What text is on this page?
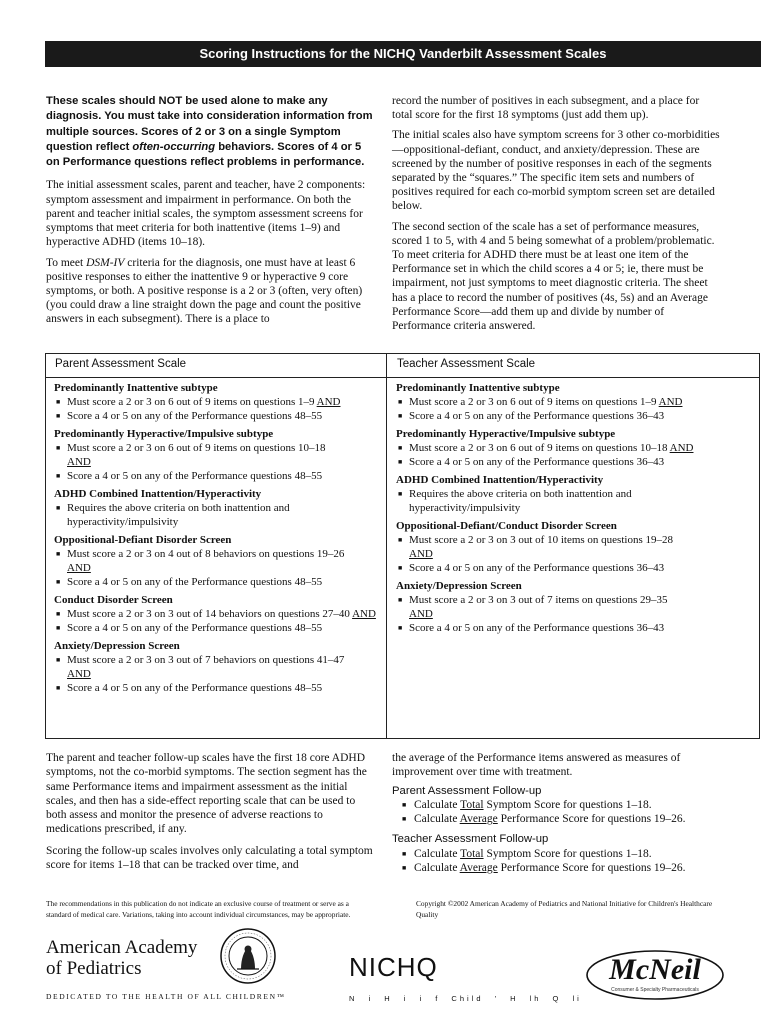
Scoring Instructions for the NICHQ Vanderbilt Assessment Scales

These scales should NOT be used alone to make any diagnosis. You must take into consideration information from multiple sources. Scores of 2 or 3 on a single Symptom question reflect often-occurring behaviors. Scores of 4 or 5 on Performance questions reflect problems in performance.

The initial assessment scales, parent and teacher, have 2 components: symptom assessment and impairment in performance. On both the parent and teacher initial scales, the symptom assessment screens for symptoms that meet criteria for both inattentive (items 1–9) and hyperactive ADHD (items 10–18).

To meet DSM-IV criteria for the diagnosis, one must have at least 6 positive responses to either the inattentive 9 or hyperactive 9 core symptoms, or both. A positive response is a 2 or 3 (often, very often) (you could draw a line straight down the page and count the positive answers in each subsegment). There is a place to

record the number of positives in each subsegment, and a place for total score for the first 18 symptoms (just add them up).

The initial scales also have symptom screens for 3 other co-morbidities—oppositional-defiant, conduct, and anxiety/depression. These are screened by the number of positive responses in each of the segments separated by the “squares.” The specific item sets and numbers of positives required for each co-morbid symptom screen set are detailed below.

The second section of the scale has a set of performance measures, scored 1 to 5, with 4 and 5 being somewhat of a problem/problematic. To meet criteria for ADHD there must be at least one item of the Performance set in which the child scores a 4 or 5; ie, there must be impairment, not just symptoms to meet diagnostic criteria. The sheet has a place to record the number of positives (4s, 5s) and an Average Performance Score—add them up and divide by number of Performance criteria answered.

Parent Assessment Scale	Teacher Assessment Scale
Predominantly Inattentive subtype
■ Must score a 2 or 3 on 6 out of 9 items on questions 1–9 AND
■ Score a 4 or 5 on any of the Performance questions 48–55
Predominantly Hyperactive/Impulsive subtype
■ Must score a 2 or 3 on 6 out of 9 items on questions 10–18
AND
■ Score a 4 or 5 on any of the Performance questions 48–55
ADHD Combined Inattention/Hyperactivity
■ Requires the above criteria on both inattention and hyperactivity/impulsivity
Oppositional-Defiant Disorder Screen
■ Must score a 2 or 3 on 4 out of 8 behaviors on questions 19–26
AND
■ Score a 4 or 5 on any of the Performance questions 48–55
Conduct Disorder Screen
■ Must score a 2 or 3 on 3 out of 14 behaviors on questions 27–40 AND
■ Score a 4 or 5 on any of the Performance questions 48–55
Anxiety/Depression Screen
■ Must score a 2 or 3 on 3 out of 7 behaviors on questions 41–47
AND
■ Score a 4 or 5 on any of the Performance questions 48–55
Predominantly Inattentive subtype
■ Must score a 2 or 3 on 6 out of 9 items on questions 1–9 AND
■ Score a 4 or 5 on any of the Performance questions 36–43
Predominantly Hyperactive/Impulsive subtype
■ Must score a 2 or 3 on 6 out of 9 items on questions 10–18 AND
■ Score a 4 or 5 on any of the Performance questions 36–43
ADHD Combined Inattention/Hyperactivity
■ Requires the above criteria on both inattention and hyperactivity/impulsivity
Oppositional-Defiant/Conduct Disorder Screen
■ Must score a 2 or 3 on 3 out of 10 items on questions 19–28
AND
■ Score a 4 or 5 on any of the Performance questions 36–43
Anxiety/Depression Screen
■ Must score a 2 or 3 on 3 out of 7 items on questions 29–35
AND
■ Score a 4 or 5 on any of the Performance questions 36–43

The parent and teacher follow-up scales have the first 18 core ADHD symptoms, not the co-morbid symptoms. The section segment has the same Performance items and impairment assessment as the initial scales, and then has a side-effect reporting scale that can be used to both assess and monitor the presence of adverse reactions to medications prescribed, if any.

Scoring the follow-up scales involves only calculating a total symptom score for items 1–18 that can be tracked over time, and

the average of the Performance items answered as measures of improvement over time with treatment.

Parent Assessment Follow-up
■ Calculate Total Symptom Score for questions 1–18.
■ Calculate Average Performance Score for questions 19–26.
Teacher Assessment Follow-up
■ Calculate Total Symptom Score for questions 1–18.
■ Calculate Average Performance Score for questions 19–26.
The recommendations in this publication do not indicate an exclusive course of treatment or serve as a standard of medical care. Variations, taking into account individual circumstances, may be appropriate.
Copyright ©2002 American Academy of Pediatrics and National Initiative for Children's Healthcare Quality
American Academy
of Pediatrics
DEDICATED TO THE HEALTH OF ALL CHILDREN™
NICHQ
N i H i i f Child ' H lh Q li
McNeil
Consumer & Specialty Pharmaceuticals
